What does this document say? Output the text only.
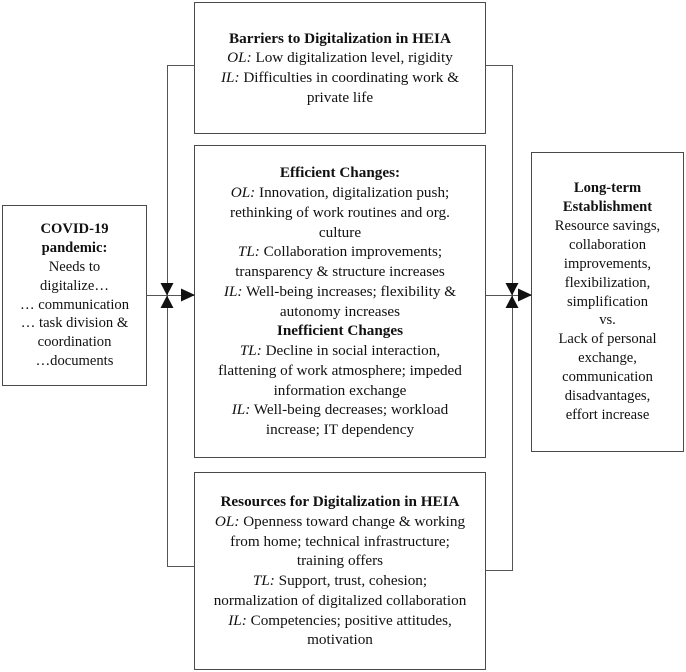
COVID-19
pandemic:
Needs to
digitalize…
… communication
… task division &
coordination
…documents
Barriers to Digitalization in HEIA
OL: Low digitalization level, rigidity
IL: Difficulties in coordinating work &
private life
Efficient Changes:
OL: Innovation, digitalization push;
rethinking of work routines and org.
culture
TL: Collaboration improvements;
transparency & structure increases
IL: Well-being increases; flexibility &
autonomy increases
Inefficient Changes
TL: Decline in social interaction,
flattening of work atmosphere; impeded
information exchange
IL: Well-being decreases; workload
increase; IT dependency
Resources for Digitalization in HEIA
OL: Openness toward change & working
from home; technical infrastructure;
training offers
TL: Support, trust, cohesion;
normalization of digitalized collaboration
IL: Competencies; positive attitudes,
motivation
Long-term
Establishment
Resource savings,
collaboration
improvements,
flexibilization,
simplification
vs.
Lack of personal
exchange,
communication
disadvantages,
effort increase
